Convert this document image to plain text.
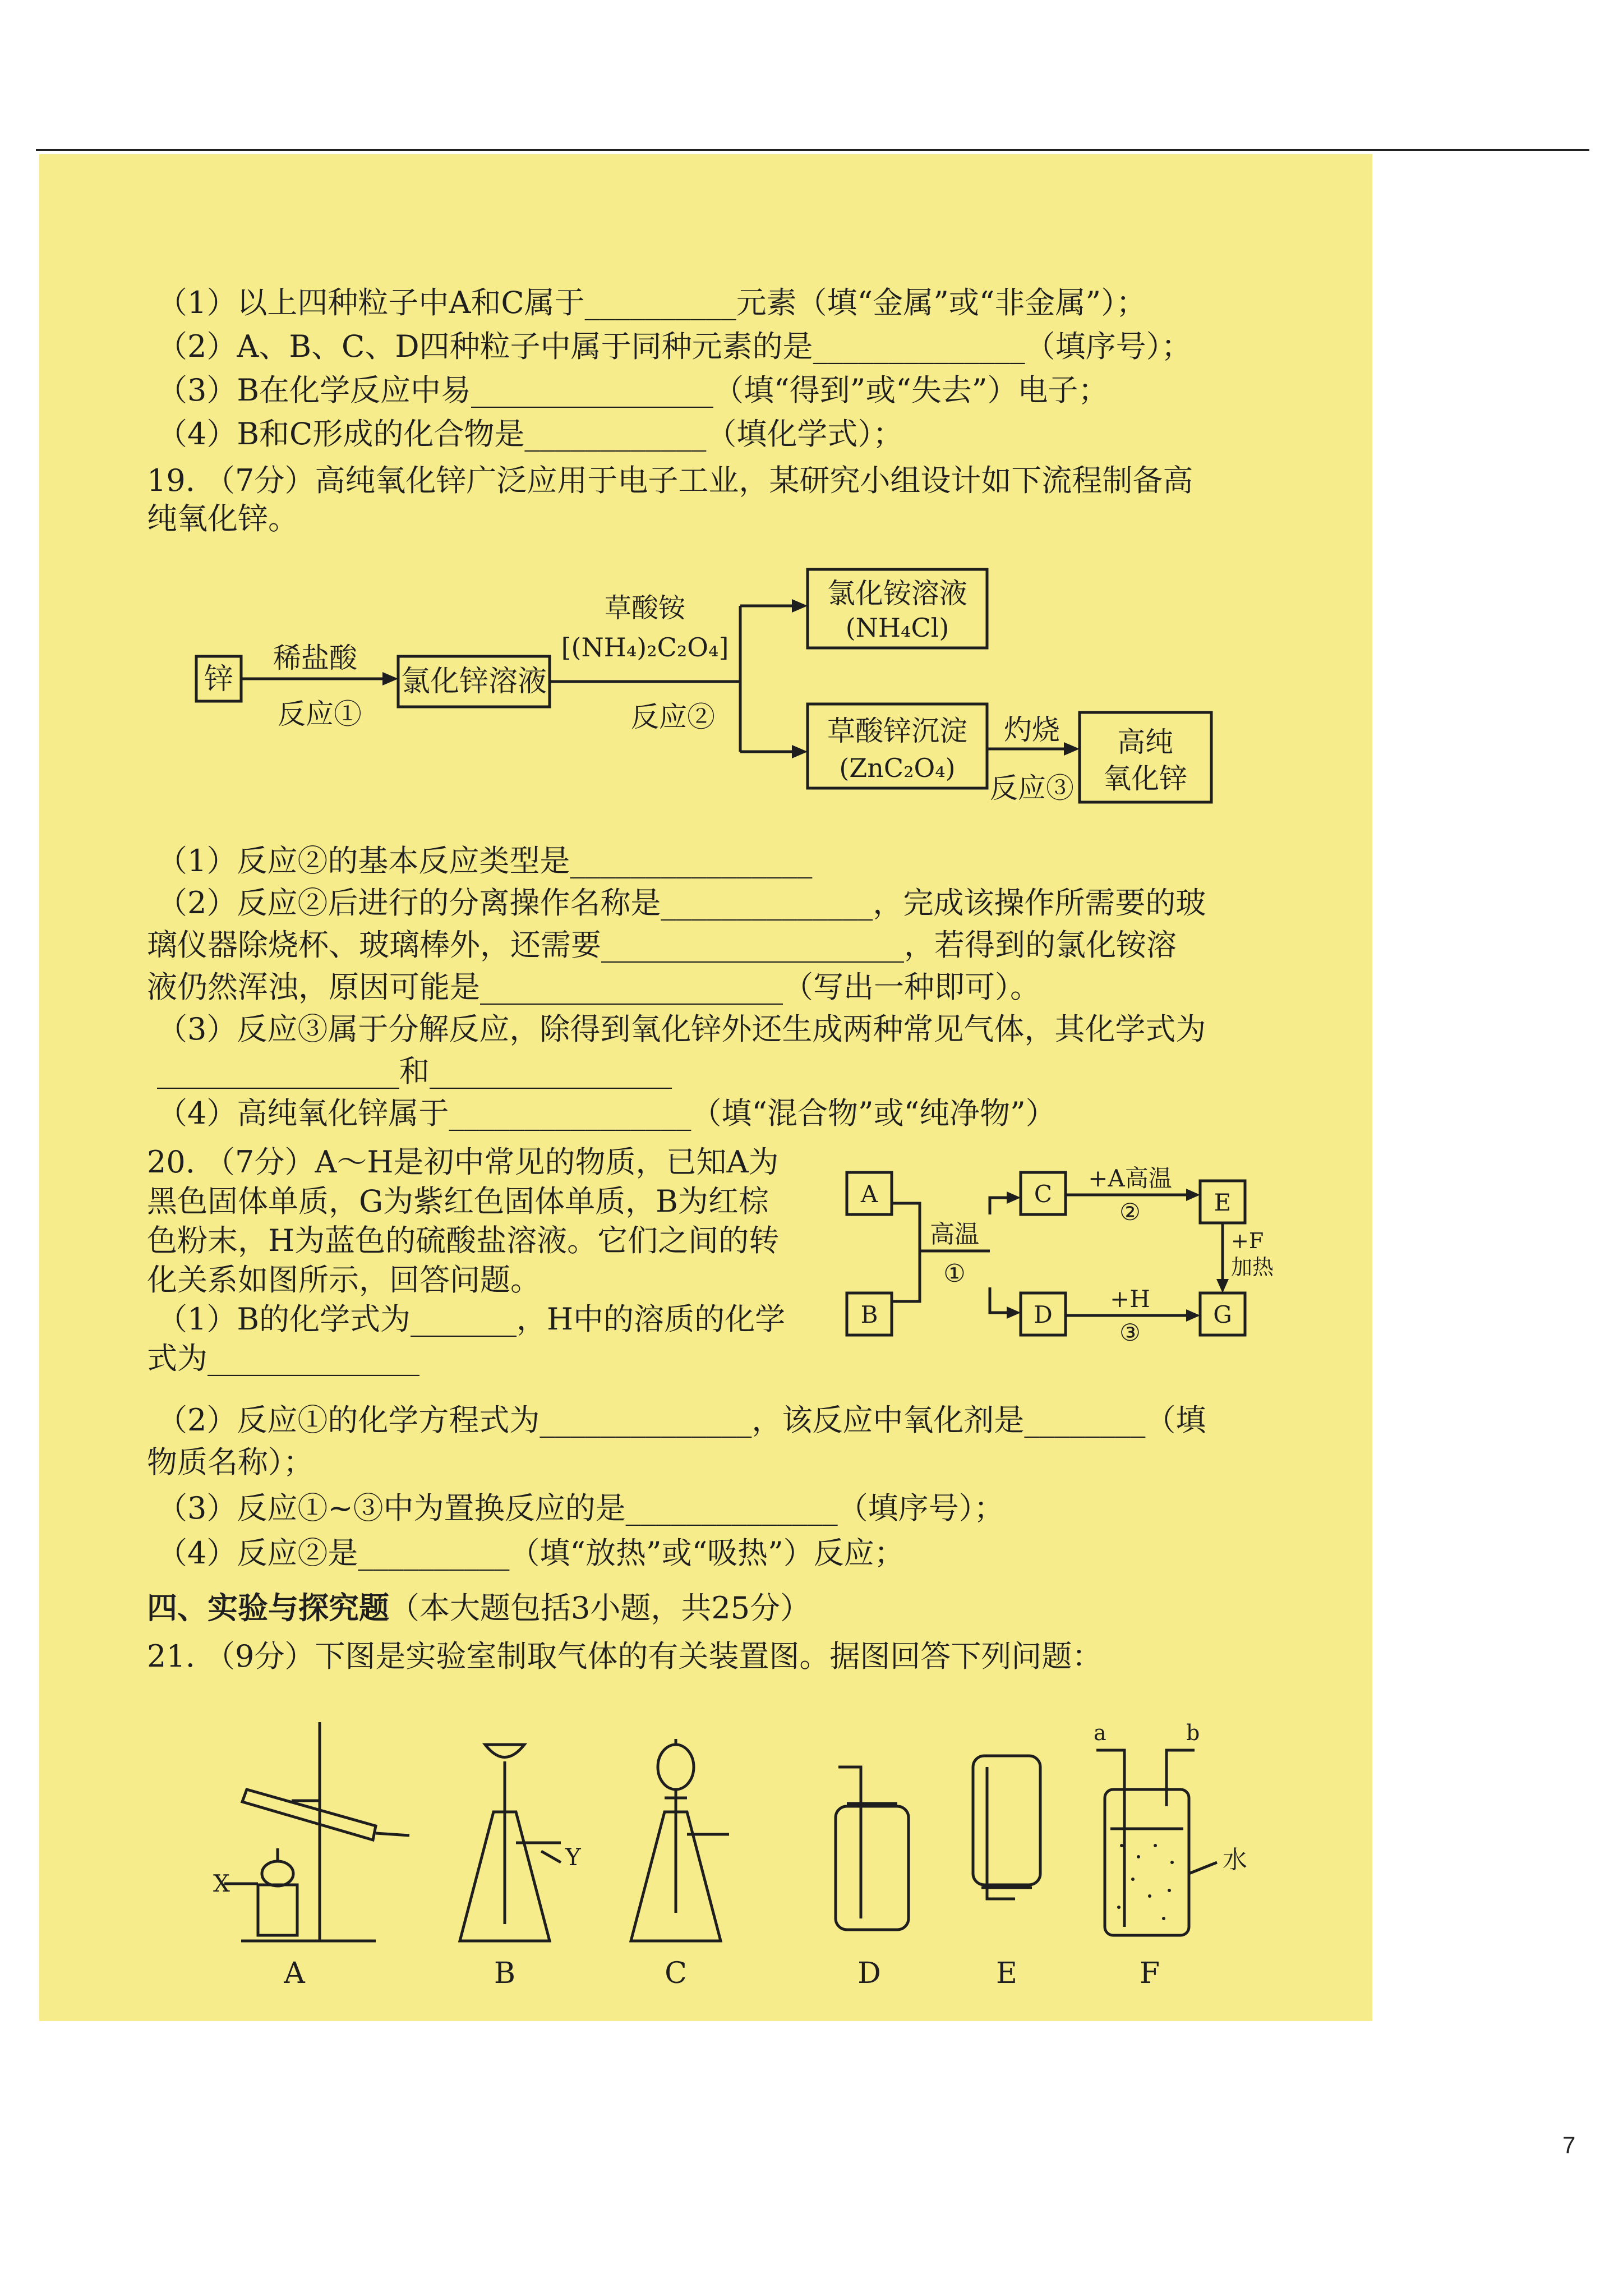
（1）以上四种粒子中A和C属于__________元素（填“金属”或“非金属”）；
（2）A、B、C、D四种粒子中属于同种元素的是______________（填序号）；
（3）B在化学反应中易________________（填“得到”或“失去”）电子；
（4）B和C形成的化合物是____________（填化学式）；
19. （7分）高纯氧化锌广泛应用于电子工业，某研究小组设计如下流程制备高
纯氧化锌。
锌
稀盐酸
反应①
氯化锌溶液
草酸铵
[(NH₄)₂C₂O₄]
反应②
氯化铵溶液
(NH₄Cl)
草酸锌沉淀
(ZnC₂O₄)
灼烧
反应③
高纯
氧化锌
（1）反应②的基本反应类型是________________
（2）反应②后进行的分离操作名称是______________，完成该操作所需要的玻
璃仪器除烧杯、玻璃棒外，还需要____________________，若得到的氯化铵溶
液仍然浑浊，原因可能是____________________（写出一种即可）。
（3）反应③属于分解反应，除得到氧化锌外还生成两种常见气体，其化学式为
________________和________________
（4）高纯氧化锌属于________________（填“混合物”或“纯净物”）
20. （7分）A～H是初中常见的物质，已知A为
黑色固体单质，G为紫红色固体单质，B为红棕
色粉末，H为蓝色的硫酸盐溶液。它们之间的转
化关系如图所示，回答问题。
（1）B的化学式为_______，H中的溶质的化学
式为______________
A
B
C
D
E
G
高温
①
+A高温
②
+F
加热
+H
③
（2）反应①的化学方程式为______________，该反应中氧化剂是________（填
物质名称）；
（3）反应①~③中为置换反应的是______________（填序号）；
（4）反应②是__________（填“放热”或“吸热”）反应；
四、实验与探究题（本大题包括3小题，共25分）
21. （9分）下图是实验室制取气体的有关装置图。据图回答下列问题：
X
Y
a	b
水
A	B	C	D	E	F
7
